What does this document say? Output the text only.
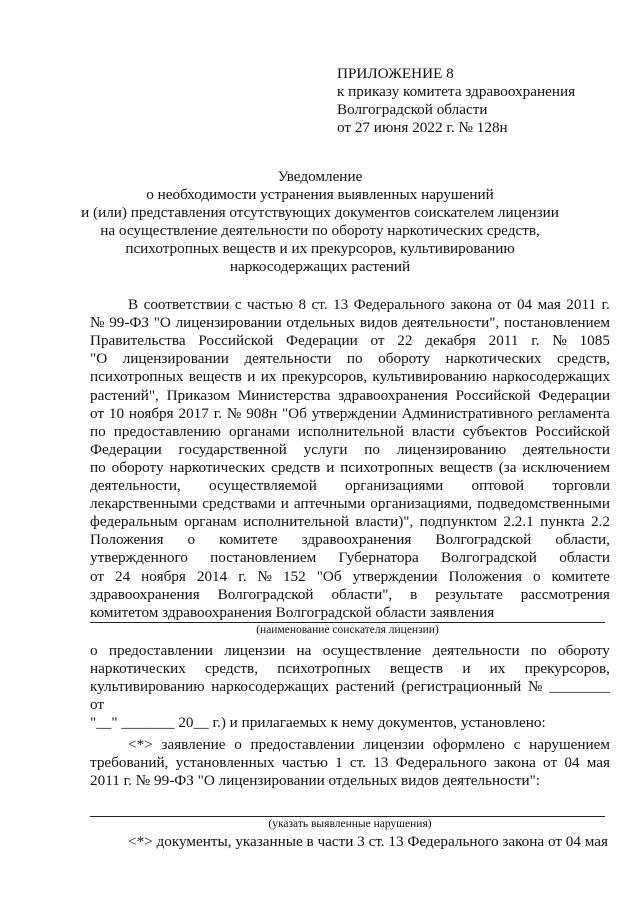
ПРИЛОЖЕНИЕ 8
к приказу комитета здравоохранения
Волгоградской области
от 27 июня 2022 г. № 128н
Уведомление
о необходимости устранения выявленных нарушений
и (или) представления отсутствующих документов соискателем лицензии
на осуществление деятельности по обороту наркотических средств,
психотропных веществ и их прекурсоров, культивированию
наркосодержащих растений
В соответствии с частью 8 ст. 13 Федерального закона от 04 мая 2011 г.
№ 99-ФЗ "О лицензировании отдельных видов деятельности", постановлением
Правительства Российской Федерации от 22 декабря 2011 г. № 1085
"О лицензировании деятельности по обороту наркотических средств,
психотропных веществ и их прекурсоров, культивированию наркосодержащих
растений", Приказом Министерства здравоохранения Российской Федерации
от 10 ноября 2017 г. № 908н "Об утверждении Административного регламента
по предоставлению органами исполнительной власти субъектов Российской
Федерации государственной услуги по лицензированию деятельности
по обороту наркотических средств и психотропных веществ (за исключением
деятельности, осуществляемой организациями оптовой торговли
лекарственными средствами и аптечными организациями, подведомственными
федеральным органам исполнительной власти)", подпунктом 2.2.1 пункта 2.2
Положения о комитете здравоохранения Волгоградской области,
утвержденного постановлением Губернатора Волгоградской области
от 24 ноября 2014 г. № 152 "Об утверждении Положения о комитете
здравоохранения Волгоградской области", в результате рассмотрения
комитетом здравоохранения Волгоградской области заявления
(наименование соискателя лицензии)
о предоставлении лицензии на осуществление деятельности по обороту
наркотических средств, психотропных веществ и их прекурсоров,
культивированию наркосодержащих растений (регистрационный № ________
от
"__" _______ 20__ г.) и прилагаемых к нему документов, установлено:
<*> заявление о предоставлении лицензии оформлено с нарушением
требований, установленных частью 1 ст. 13 Федерального закона от 04 мая
2011 г. № 99-ФЗ "О лицензировании отдельных видов деятельности":
(указать выявленные нарушения)
<*> документы, указанные в части 3 ст. 13 Федерального закона от 04 мая
